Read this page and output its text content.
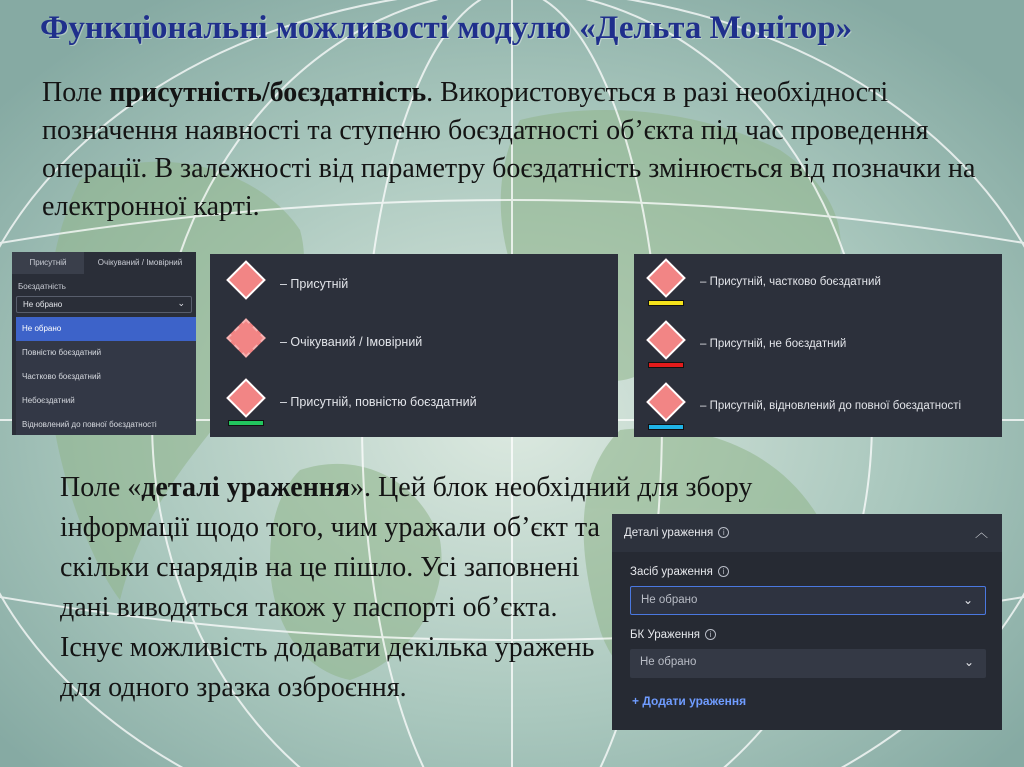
Функціональні можливості модулю «Дельта Монітор»

Поле присутність/боєздатність. Використовується в разі необхідності позначення наявності та ступеню боєздатності об’єкта під час проведення операції. В залежності від параметру боєздатність змінюється від позначки на електронної карті.

Присутній	Очікуваний / Імовірний
Боєздатність
Не обрано	⌄
Не обрано
Повністю боєздатний
Частково боєздатний
Небоєздатний
Відновлений до повної боєздатності
– Присутній
– Очікуваний / Імовірний
– Присутній, повністю боєздатний
– Присутній, частково боєздатний
– Присутній, не боєздатний
– Присутній, відновлений до повної боєздатності

Поле «деталі ураження». Цей блок необхідний для збору
інформації щодо того, чим уражали об’єкт та скільки снарядів на це пішло. Усі заповнені дані виводяться також у паспорті об’єкта. Існує можливість додавати декілька уражень для одного зразка озброєння.

Деталі ураження i	︿
Засіб ураження i
Не обрано	⌄
БК Ураження i
Не обрано	⌄
+ Додати ураження
